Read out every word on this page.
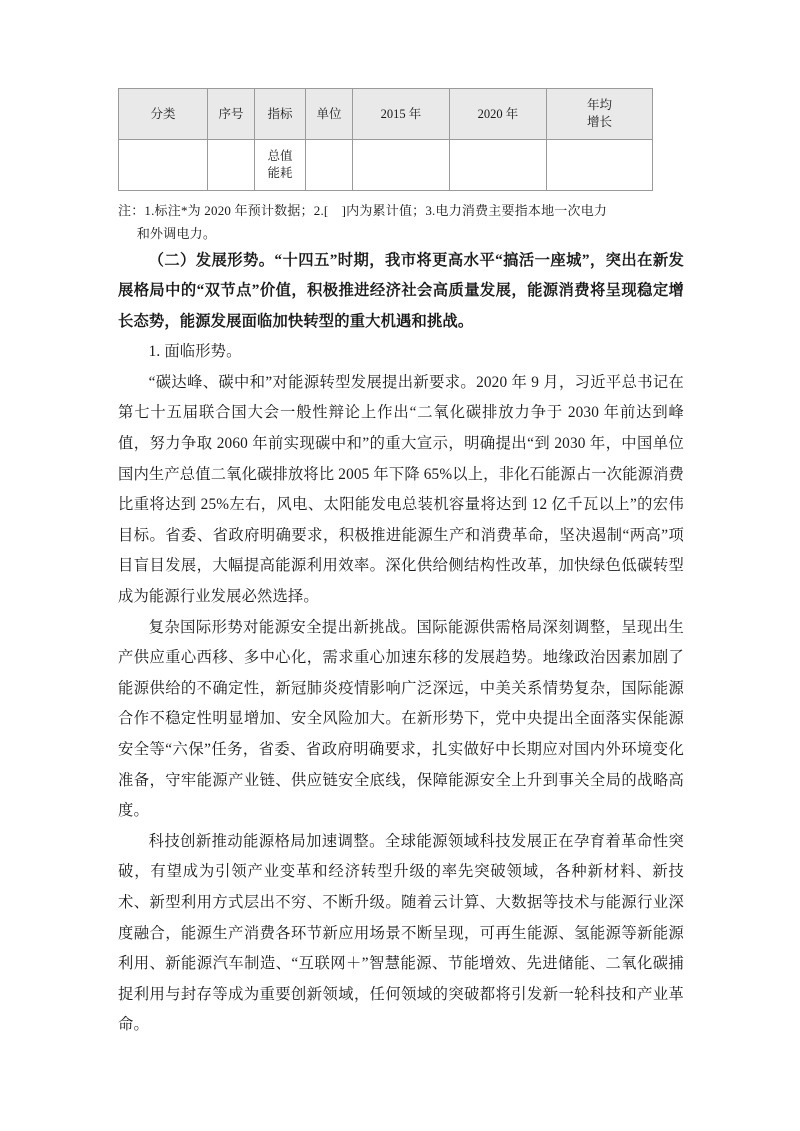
分类	序号	指标	单位	2015 年	2020 年	年均
增长

		总值
能耗				

注：1.标注*为 2020 年预计数据；2.[　]内为累计值；3.电力消费主要指本地一次电力
和外调电力。

（二）发展形势。“十四五”时期，我市将更高水平“搞活一座城”，突出在新发展格局中的“双节点”价值，积极推进经济社会高质量发展，能源消费将呈现稳定增长态势，能源发展面临加快转型的重大机遇和挑战。

1. 面临形势。

“碳达峰、碳中和”对能源转型发展提出新要求。2020 年 9 月，习近平总书记在第七十五届联合国大会一般性辩论上作出“二氧化碳排放力争于 2030 年前达到峰值，努力争取 2060 年前实现碳中和”的重大宣示，明确提出“到 2030 年，中国单位国内生产总值二氧化碳排放将比 2005 年下降 65%以上，非化石能源占一次能源消费比重将达到 25%左右，风电、太阳能发电总装机容量将达到 12 亿千瓦以上”的宏伟目标。省委、省政府明确要求，积极推进能源生产和消费革命，坚决遏制“两高”项目盲目发展，大幅提高能源利用效率。深化供给侧结构性改革，加快绿色低碳转型成为能源行业发展必然选择。

复杂国际形势对能源安全提出新挑战。国际能源供需格局深刻调整，呈现出生产供应重心西移、多中心化，需求重心加速东移的发展趋势。地缘政治因素加剧了能源供给的不确定性，新冠肺炎疫情影响广泛深远，中美关系情势复杂，国际能源合作不稳定性明显增加、安全风险加大。在新形势下，党中央提出全面落实保能源安全等“六保”任务，省委、省政府明确要求，扎实做好中长期应对国内外环境变化准备，守牢能源产业链、供应链安全底线，保障能源安全上升到事关全局的战略高度。

科技创新推动能源格局加速调整。全球能源领域科技发展正在孕育着革命性突破，有望成为引领产业变革和经济转型升级的率先突破领域，各种新材料、新技术、新型利用方式层出不穷、不断升级。随着云计算、大数据等技术与能源行业深度融合，能源生产消费各环节新应用场景不断呈现，可再生能源、氢能源等新能源利用、新能源汽车制造、“互联网＋”智慧能源、节能增效、先进储能、二氧化碳捕捉利用与封存等成为重要创新领域，任何领域的突破都将引发新一轮科技和产业革命。
